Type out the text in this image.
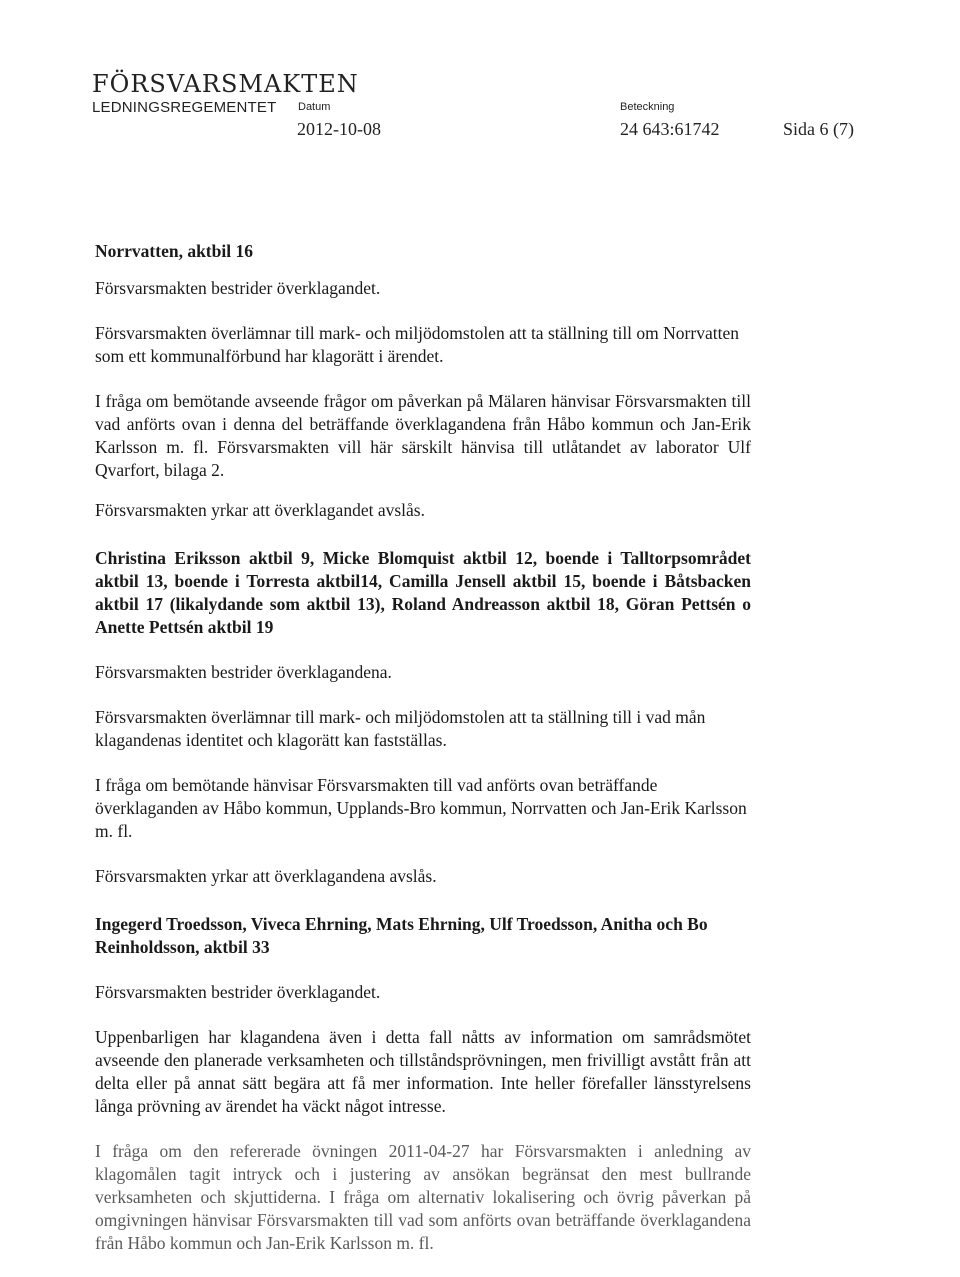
FÖRSVARSMAKTEN
LEDNINGSREGEMENTET Datum
2012-10-08
Beteckning
24 643:61742	Sida 6 (7)

Norrvatten, aktbil 16

Försvarsmakten bestrider överklagandet.

Försvarsmakten överlämnar till mark- och miljödomstolen att ta ställning till om Norrvatten som ett kommunalförbund har klagorätt i ärendet.

I fråga om bemötande avseende frågor om påverkan på Mälaren hänvisar Försvarsmakten till vad anförts ovan i denna del beträffande överklagandena från Håbo kommun och Jan-Erik Karlsson m. fl. Försvarsmakten vill här särskilt hänvisa till utlåtandet av laborator Ulf Qvarfort, bilaga 2.

Försvarsmakten yrkar att överklagandet avslås.

Christina Eriksson aktbil 9, Micke Blomquist aktbil 12, boende i Talltorpsområdet aktbil 13, boende i Torresta aktbil14, Camilla Jensell aktbil 15, boende i Båtsbacken aktbil 17 (likalydande som aktbil 13), Roland Andreasson aktbil 18, Göran Pettsén o Anette Pettsén aktbil 19

Försvarsmakten bestrider överklagandena.

Försvarsmakten överlämnar till mark- och miljödomstolen att ta ställning till i vad mån klagandenas identitet och klagorätt kan fastställas.

I fråga om bemötande hänvisar Försvarsmakten till vad anförts ovan beträffande överklaganden av Håbo kommun, Upplands-Bro kommun, Norrvatten och Jan-Erik Karlsson m. fl.

Försvarsmakten yrkar att överklagandena avslås.

Ingegerd Troedsson, Viveca Ehrning, Mats Ehrning, Ulf Troedsson, Anitha och Bo Reinholdsson, aktbil 33

Försvarsmakten bestrider överklagandet.

Uppenbarligen har klagandena även i detta fall nåtts av information om samrådsmötet avseende den planerade verksamheten och tillståndsprövningen, men frivilligt avstått från att delta eller på annat sätt begära att få mer information. Inte heller förefaller länsstyrelsens långa prövning av ärendet ha väckt något intresse.

I fråga om den refererade övningen 2011-04-27 har Försvarsmakten i anledning av klagomålen tagit intryck och i justering av ansökan begränsat den mest bullrande verksamheten och skjuttiderna. I fråga om alternativ lokalisering och övrig påverkan på omgivningen hänvisar Försvarsmakten till vad som anförts ovan beträffande överklagandena från Håbo kommun och Jan-Erik Karlsson m. fl.
